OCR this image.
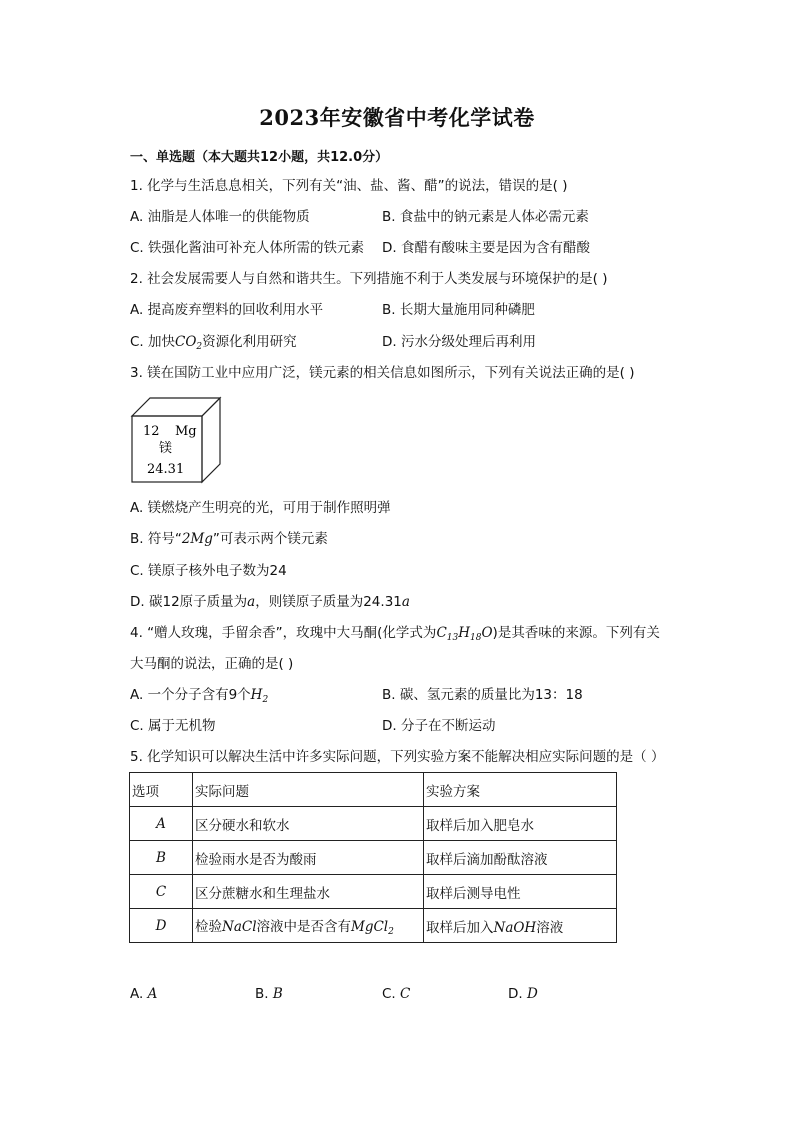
2023年安徽省中考化学试卷
一、单选题（本大题共12小题，共12.0分）
1. 化学与生活息息相关，下列有关“油、盐、酱、醋”的说法，错误的是( )
A. 油脂是人体唯一的供能物质	B. 食盐中的钠元素是人体必需元素
C. 铁强化酱油可补充人体所需的铁元素 D. 食醋有酸味主要是因为含有醋酸
2. 社会发展需要人与自然和谐共生。下列措施不利于人类发展与环境保护的是( )
A. 提高废弃塑料的回收利用水平	B. 长期大量施用同种磷肥
C. 加快$CO_2$资源化利用研究	D. 污水分级处理后再利用
3. 镁在国防工业中应用广泛，镁元素的相关信息如图所示，下列有关说法正确的是( )
12 Mg
镁
24.31
A. 镁燃烧产生明亮的光，可用于制作照明弹
B. 符号“2Mg”可表示两个镁元素
C. 镁原子核外电子数为24
D. 碳12原子质量为a，则镁原子质量为24.31a
4. “赠人玫瑰，手留余香”，玫瑰中大马酮(化学式为$C_{13}H_{18}O$)是其香味的来源。下列有关
大马酮的说法，正确的是( )
A. 一个分子含有9个$H_2$	B. 碳、氢元素的质量比为13：18
C. 属于无机物	D. 分子在不断运动
5. 化学知识可以解决生活中许多实际问题，下列实验方案不能解决相应实际问题的是（ ）
选项	实际问题	实验方案
A	区分硬水和软水	取样后加入肥皂水
B	检验雨水是否为酸雨	取样后滴加酚酞溶液
C	区分蔗糖水和生理盐水	取样后测导电性
D	检验NaCl溶液中是否含有MgCl$_2$	取样后加入NaOH溶液
A. A	B. B	C. C	D. D
